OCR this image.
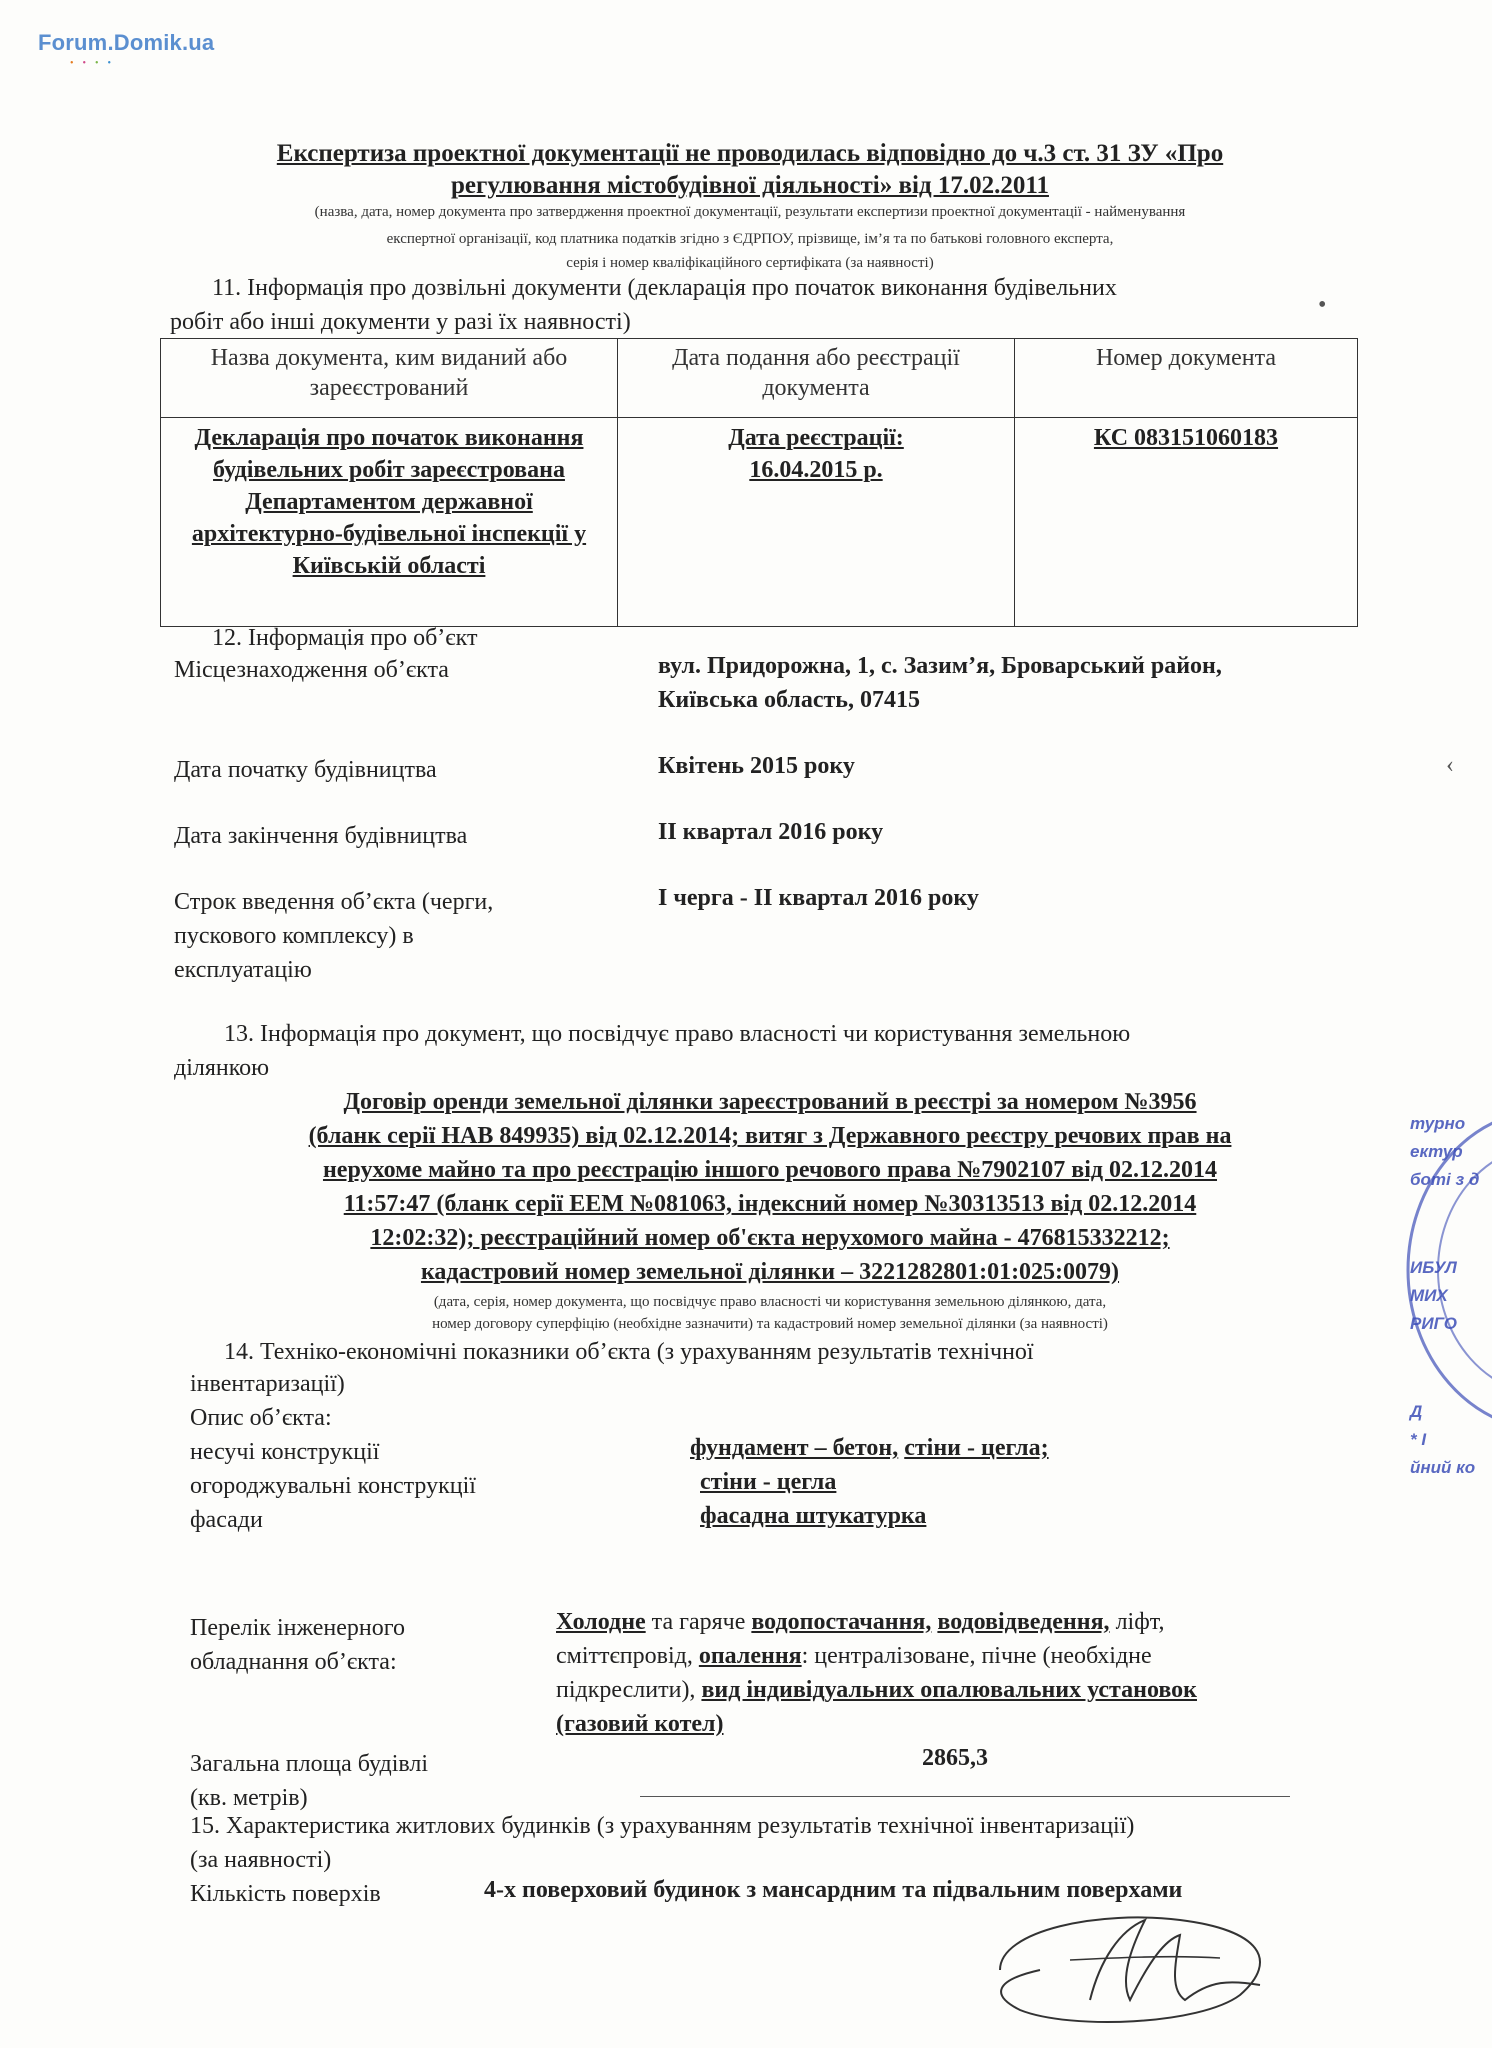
Forum.Domik.ua
••••
Експертиза проектної документації не проводилась відповідно до ч.3 ст. 31 ЗУ «Про
регулювання містобудівної діяльності» від 17.02.2011
(назва, дата, номер документа про затвердження проектної документації, результати експертизи проектної документації - найменування
експертної організації, код платника податків згідно з ЄДРПОУ, прізвище, ім’я та по батькові головного експерта,
серія і номер кваліфікаційного сертифіката (за наявності)
11. Інформація про дозвільні документи (декларація про початок виконання будівельних
робіт або інші документи у разі їх наявності)
Назва документа, ким виданий або зареєстрований	Дата подання або реєстрації документа	Номер документа
Декларація про початок виконання будівельних робіт зареєстрована Департаментом державної архітектурно-будівельної інспекції у Київській області	Дата реєстрації: 16.04.2015 р.	КС 083151060183
12. Інформація про об’єкт
Місцезнаходження об’єкта	вул. Придорожна, 1, с. Зазим’я, Броварський район,
Київська область, 07415
Дата початку будівництва	Квітень 2015 року
Дата закінчення будівництва	ІІ квартал 2016 року
Строк введення об’єкта (черги,
пускового комплексу) в
експлуатацію
І черга - ІІ квартал 2016 року
13. Інформація про документ, що посвідчує право власності чи користування земельною
ділянкою
Договір оренди земельної ділянки зареєстрований в реєстрі за номером №3956
(бланк серії НАВ 849935) від 02.12.2014; витяг з Державного реєстру речових прав на
нерухоме майно та про реєстрацію іншого речового права №7902107 від 02.12.2014
11:57:47 (бланк серії ЕЕМ №081063, індексний номер №30313513 від 02.12.2014
12:02:32); реєстраційний номер об'єкта нерухомого майна - 476815332212;
кадастровий номер земельної ділянки – 3221282801:01:025:0079)
(дата, серія, номер документа, що посвідчує право власності чи користування земельною ділянкою, дата,
номер договору суперфіцію (необхідне зазначити) та кадастровий номер земельної ділянки (за наявності)
14. Техніко-економічні показники об’єкта (з урахуванням результатів технічної
інвентаризації)
Опис об’єкта:
несучі конструкції	фундамент – бетон, стіни - цегла;
огороджувальні конструкції	стіни - цегла
фасади	фасадна штукатурка
Перелік інженерного
обладнання об’єкта:
Холодне та гаряче водопостачання, водовідведення, ліфт,
сміттєпровід, опалення: централізоване, пічне (необхідне
підкреслити), вид індивідуальних опалювальних установок
(газовий котел)
Загальна площа будівлі
(кв. метрів)
2865,3
15. Характеристика житлових будинків (з урахуванням результатів технічної інвентаризації)
(за наявності)
Кількість поверхів	4-х поверховий будинок з мансардним та підвальним поверхами
турно
ектур
боті з д
ИБУЛ
МИХ
РИГО
Д
* І
йний ко
•
‹
